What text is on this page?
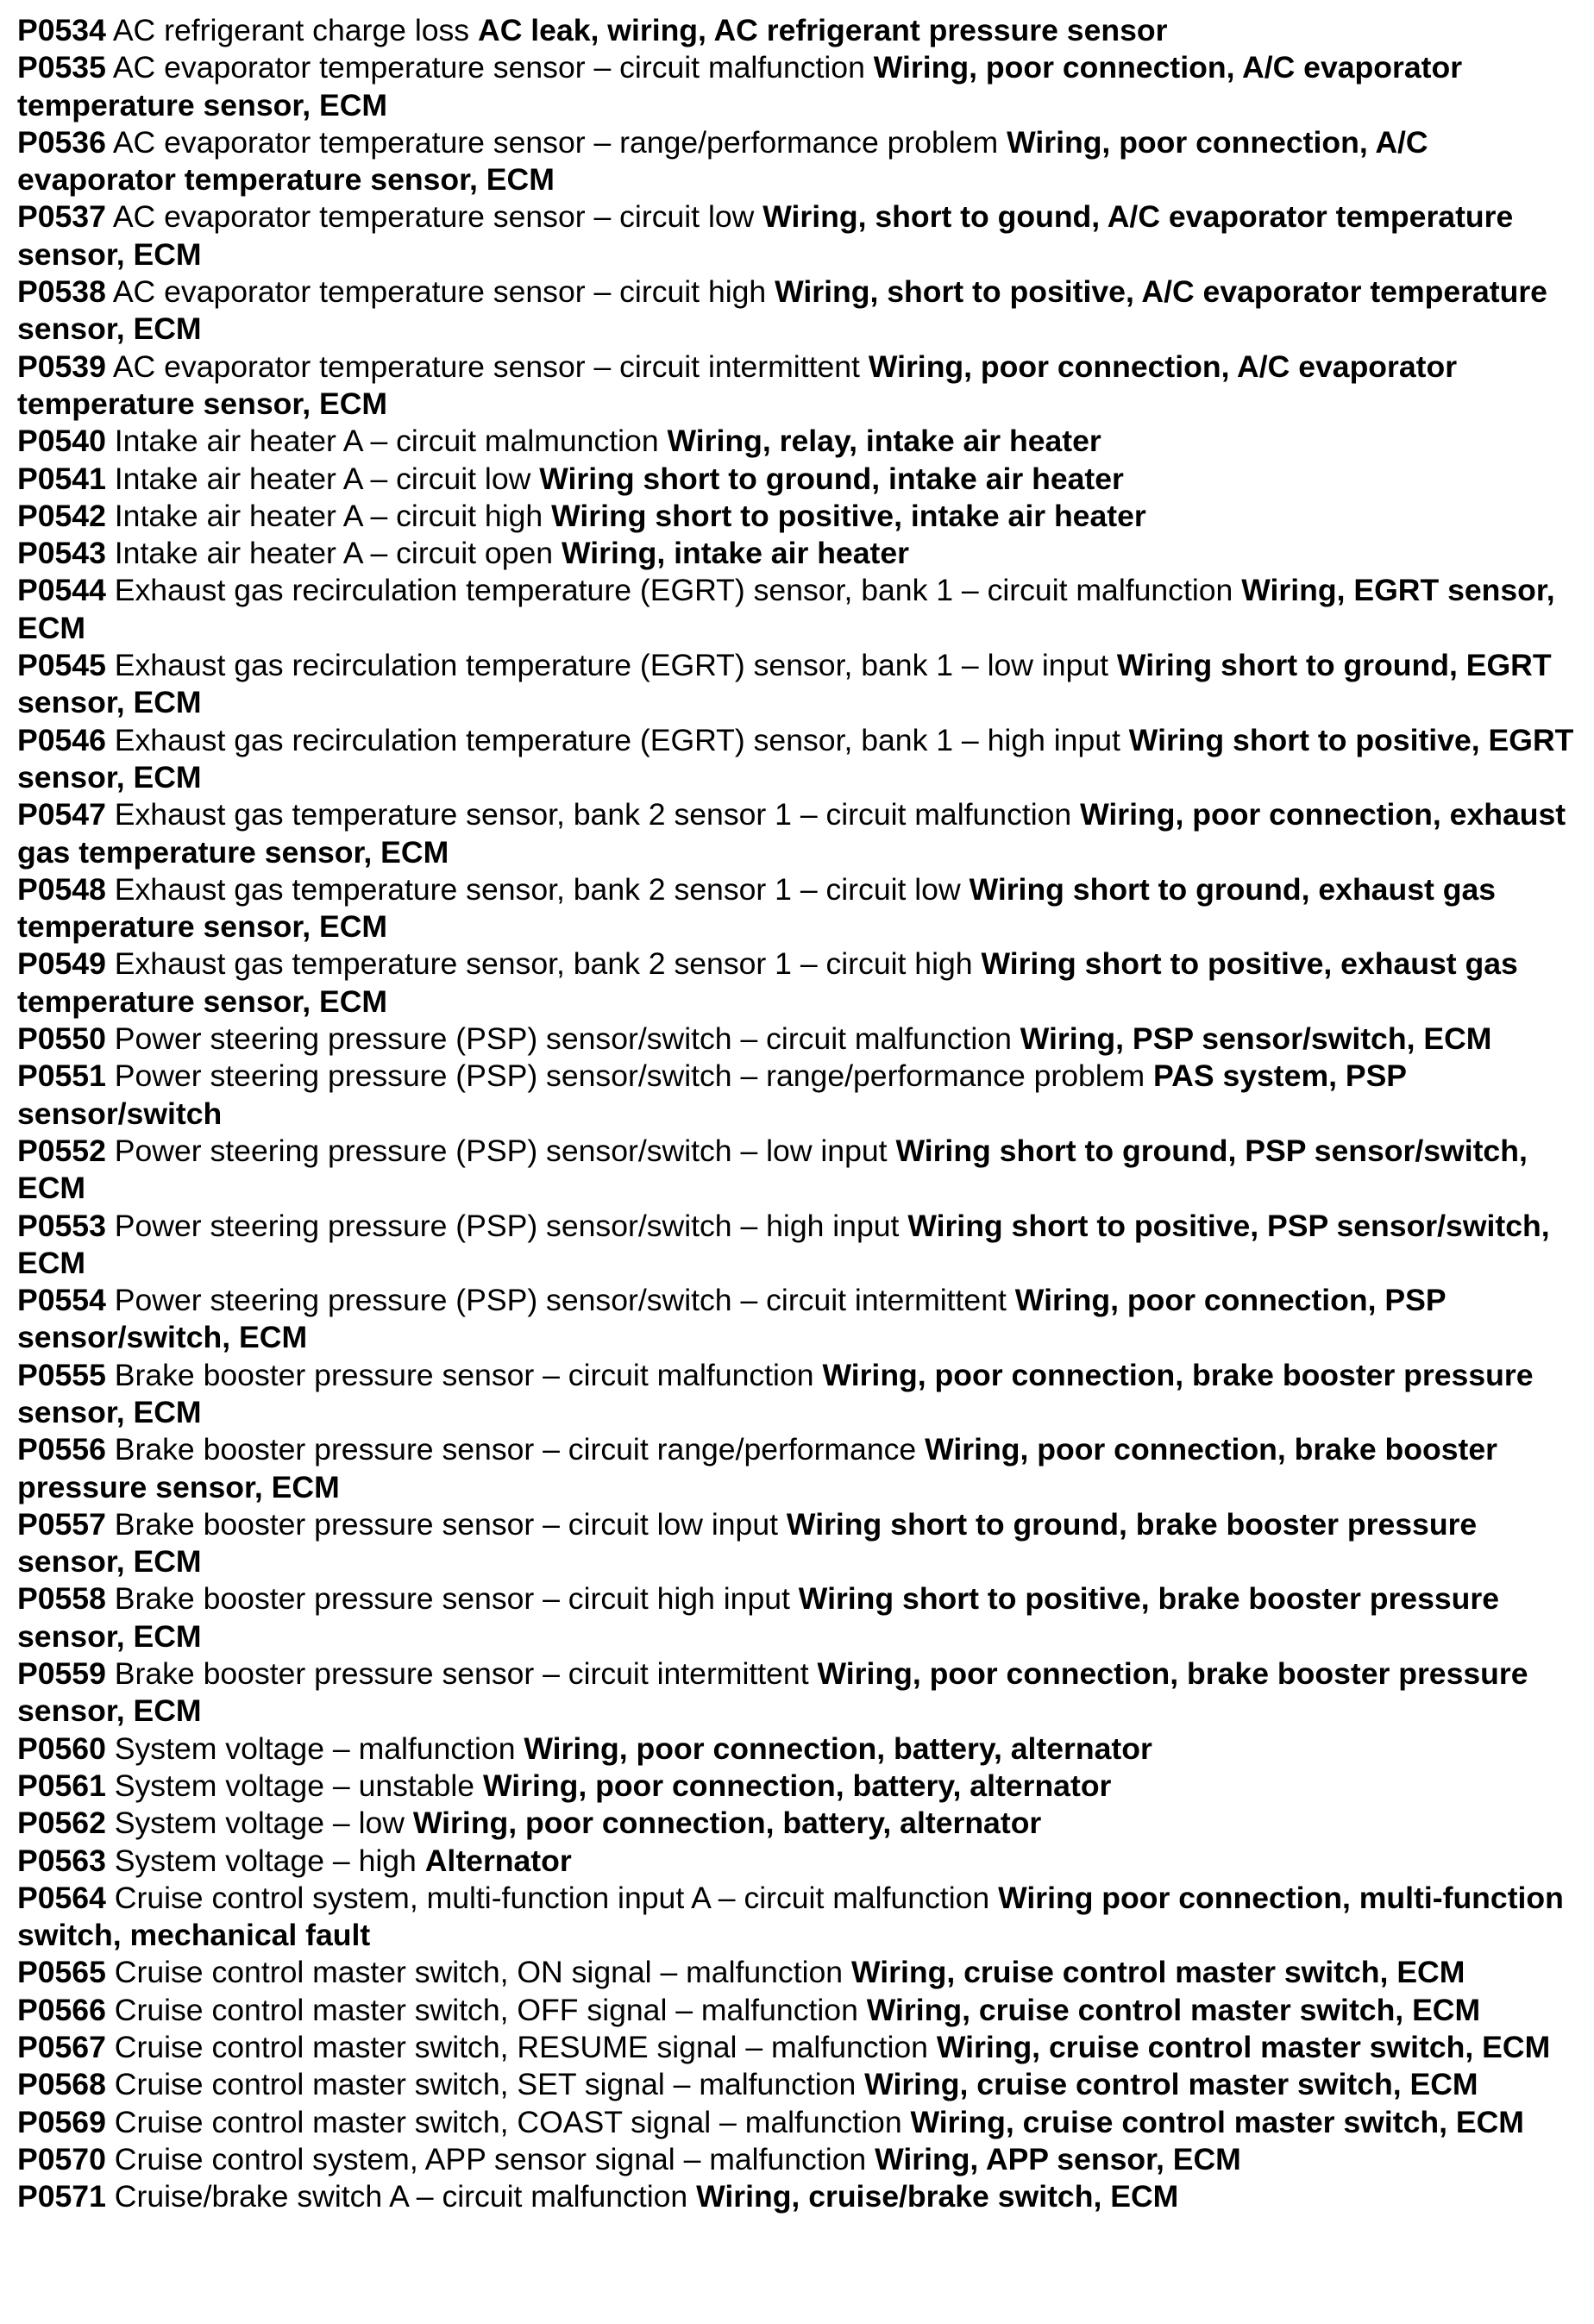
P0534 AC refrigerant charge loss AC leak, wiring, AC refrigerant pressure sensor

P0535 AC evaporator temperature sensor – circuit malfunction Wiring, poor connection, A/C evaporator temperature sensor, ECM

P0536 AC evaporator temperature sensor – range/performance problem Wiring, poor connection, A/C evaporator temperature sensor, ECM

P0537 AC evaporator temperature sensor – circuit low Wiring, short to gound, A/C evaporator temperature sensor, ECM

P0538 AC evaporator temperature sensor – circuit high Wiring, short to positive, A/C evaporator temperature sensor, ECM

P0539 AC evaporator temperature sensor – circuit intermittent Wiring, poor connection, A/C evaporator temperature sensor, ECM

P0540 Intake air heater A – circuit malmunction Wiring, relay, intake air heater

P0541 Intake air heater A – circuit low Wiring short to ground, intake air heater

P0542 Intake air heater A – circuit high Wiring short to positive, intake air heater

P0543 Intake air heater A – circuit open Wiring, intake air heater

P0544 Exhaust gas recirculation temperature (EGRT) sensor, bank 1 – circuit malfunction Wiring, EGRT sensor, ECM

P0545 Exhaust gas recirculation temperature (EGRT) sensor, bank 1 – low input Wiring short to ground, EGRT sensor, ECM

P0546 Exhaust gas recirculation temperature (EGRT) sensor, bank 1 – high input Wiring short to positive, EGRT sensor, ECM

P0547 Exhaust gas temperature sensor, bank 2 sensor 1 – circuit malfunction Wiring, poor connection, exhaust gas temperature sensor, ECM

P0548 Exhaust gas temperature sensor, bank 2 sensor 1 – circuit low Wiring short to ground, exhaust gas temperature sensor, ECM

P0549 Exhaust gas temperature sensor, bank 2 sensor 1 – circuit high Wiring short to positive, exhaust gas temperature sensor, ECM

P0550 Power steering pressure (PSP) sensor/switch – circuit malfunction Wiring, PSP sensor/switch, ECM

P0551 Power steering pressure (PSP) sensor/switch – range/performance problem PAS system, PSP sensor/switch

P0552 Power steering pressure (PSP) sensor/switch – low input Wiring short to ground, PSP sensor/switch, ECM

P0553 Power steering pressure (PSP) sensor/switch – high input Wiring short to positive, PSP sensor/switch, ECM

P0554 Power steering pressure (PSP) sensor/switch – circuit intermittent Wiring, poor connection, PSP sensor/switch, ECM

P0555 Brake booster pressure sensor – circuit malfunction Wiring, poor connection, brake booster pressure sensor, ECM

P0556 Brake booster pressure sensor – circuit range/performance Wiring, poor connection, brake booster pressure sensor, ECM

P0557 Brake booster pressure sensor – circuit low input Wiring short to ground, brake booster pressure sensor, ECM

P0558 Brake booster pressure sensor – circuit high input Wiring short to positive, brake booster pressure sensor, ECM

P0559 Brake booster pressure sensor – circuit intermittent Wiring, poor connection, brake booster pressure sensor, ECM

P0560 System voltage – malfunction Wiring, poor connection, battery, alternator

P0561 System voltage – unstable Wiring, poor connection, battery, alternator

P0562 System voltage – low Wiring, poor connection, battery, alternator

P0563 System voltage – high Alternator

P0564 Cruise control system, multi-function input A – circuit malfunction Wiring poor connection, multi-function switch, mechanical fault

P0565 Cruise control master switch, ON signal – malfunction Wiring, cruise control master switch, ECM

P0566 Cruise control master switch, OFF signal – malfunction Wiring, cruise control master switch, ECM

P0567 Cruise control master switch, RESUME signal – malfunction Wiring, cruise control master switch, ECM

P0568 Cruise control master switch, SET signal – malfunction Wiring, cruise control master switch, ECM

P0569 Cruise control master switch, COAST signal – malfunction Wiring, cruise control master switch, ECM

P0570 Cruise control system, APP sensor signal – malfunction Wiring, APP sensor, ECM

P0571 Cruise/brake switch A – circuit malfunction Wiring, cruise/brake switch, ECM
